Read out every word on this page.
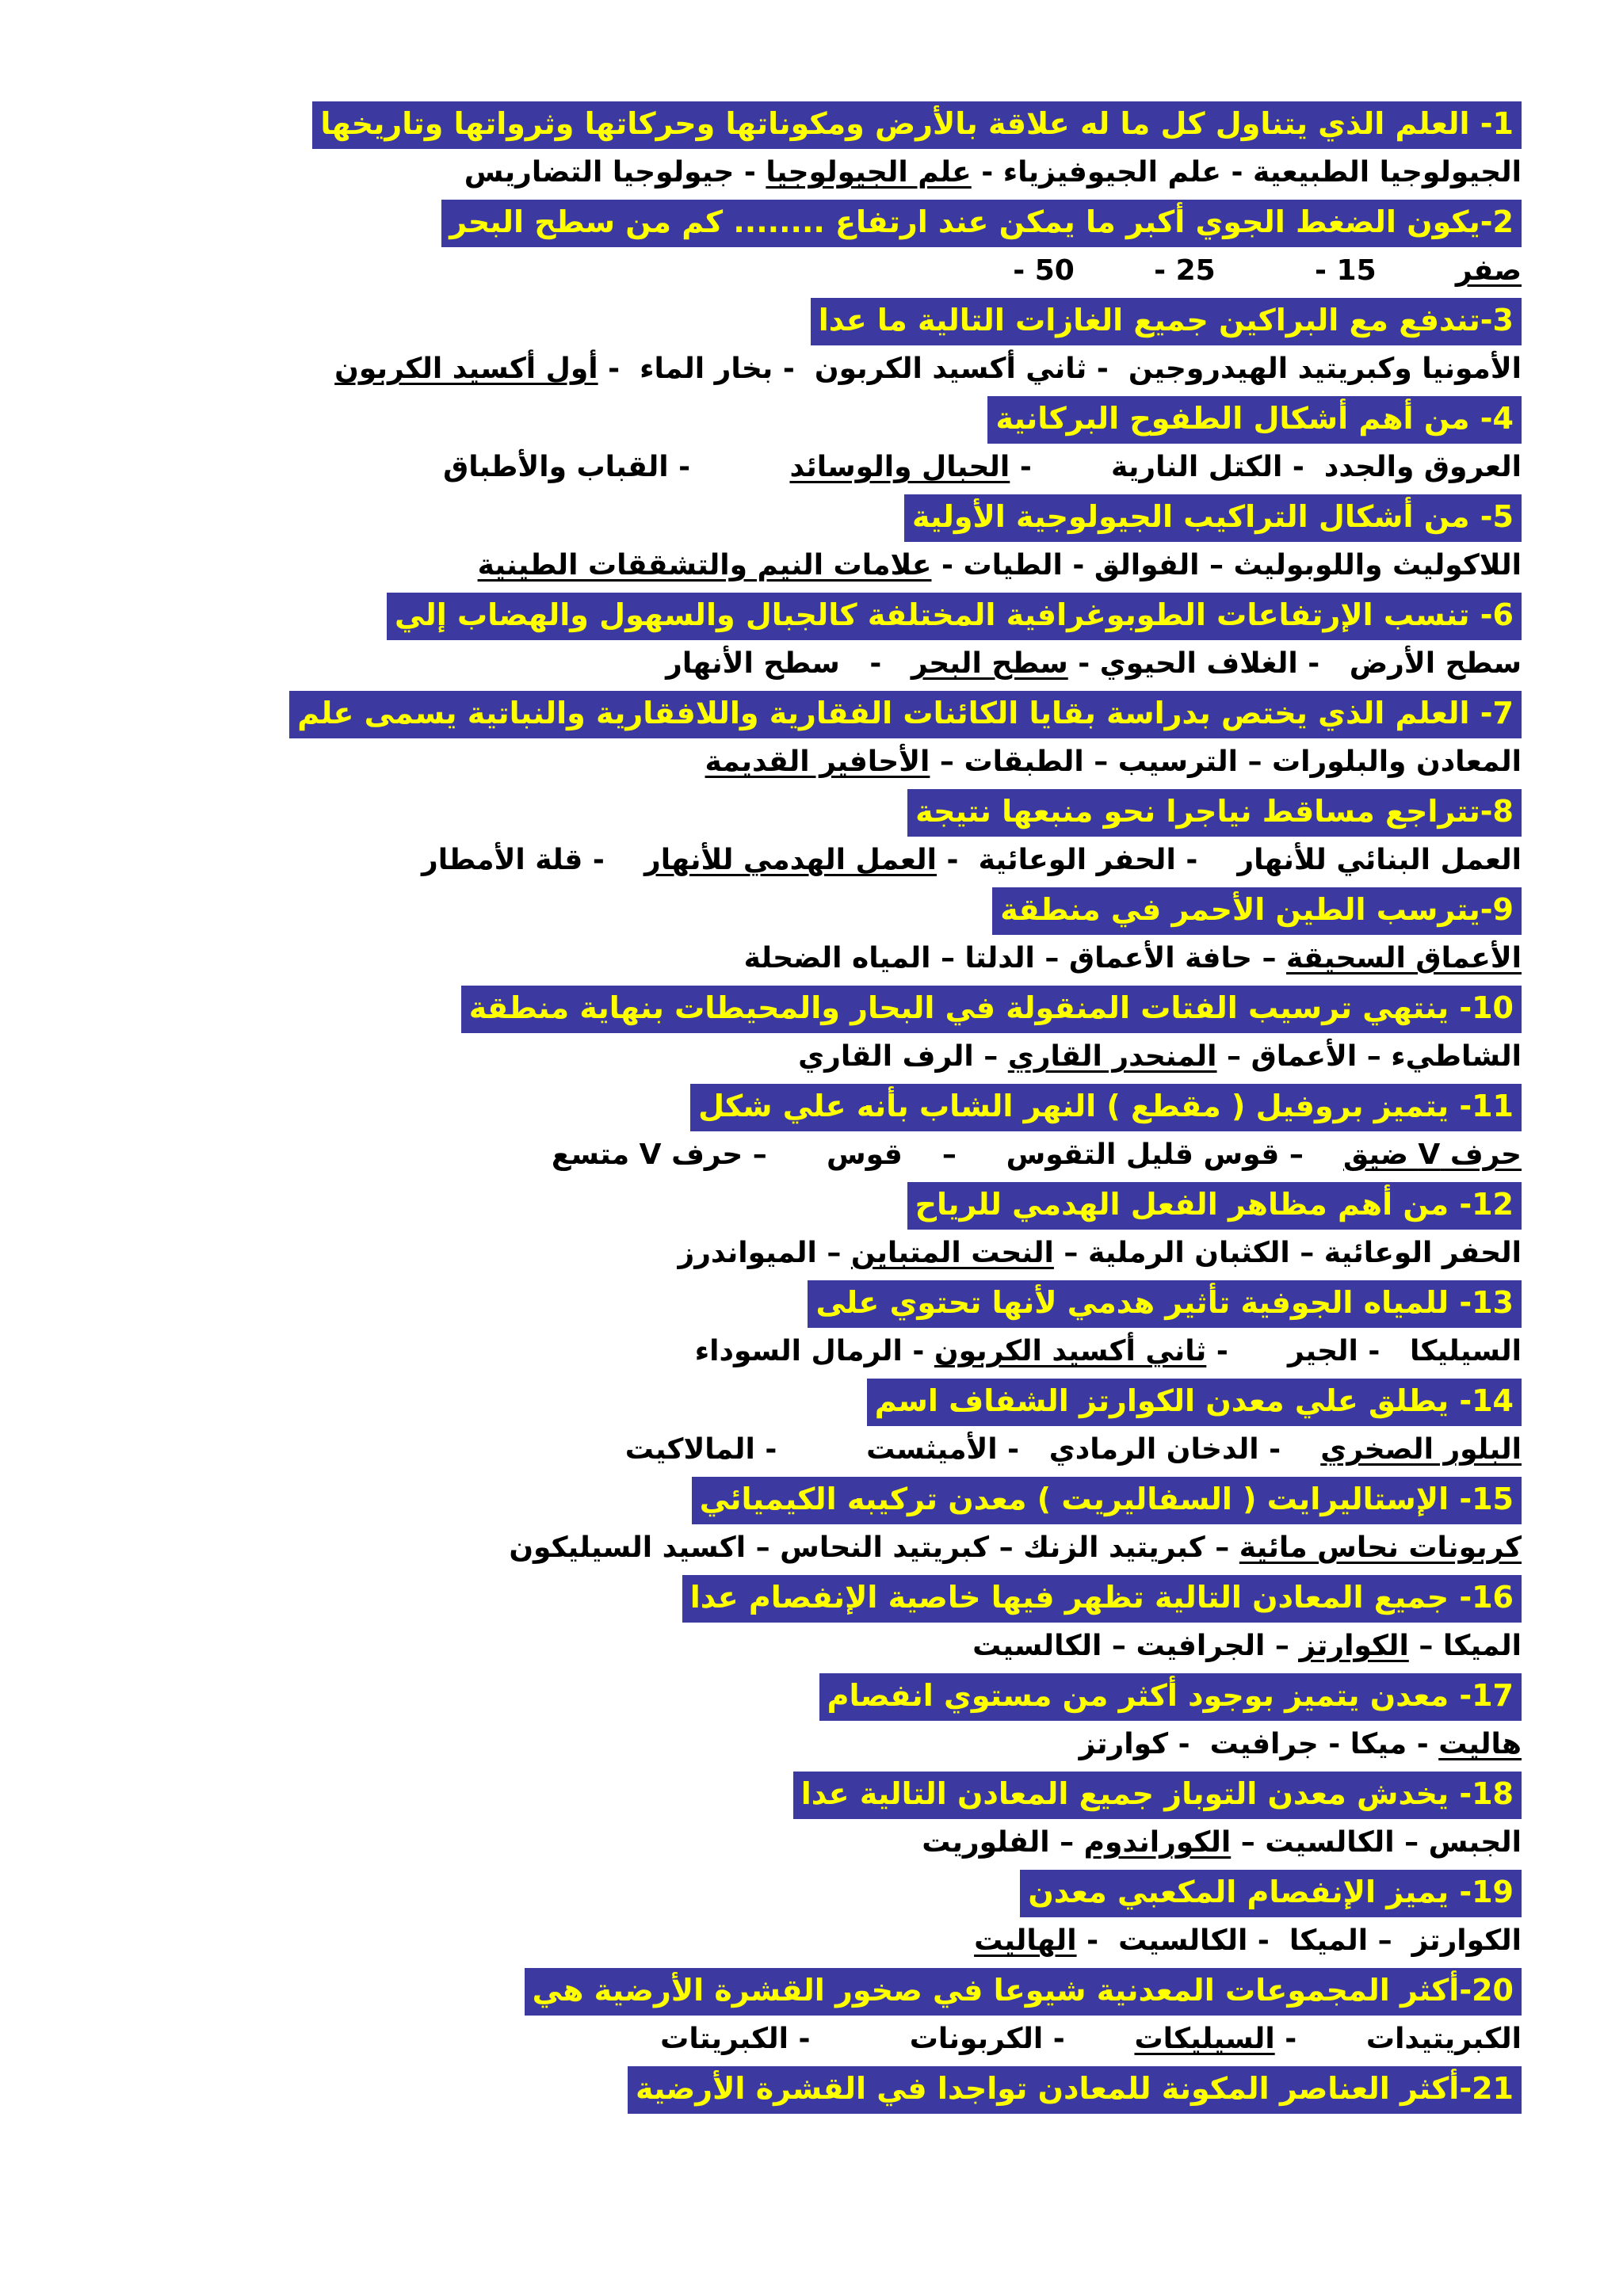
1- العلم الذي يتناول كل ما له علاقة بالأرض ومكوناتها وحركاتها وثرواتها وتاريخها
الجيولوجيا الطبيعية - علم الجيوفيزياء - علم الجيولوجيا - جيولوجيا التضاريس
2-يكون الضغط الجوي أكبر ما يمكن عند ارتفاع ........ كم من سطح البحر
صفر        15 -          25 -        50 -
3-تندفع مع البراكين جميع الغازات التالية ما عدا
الأمونيا وكبريتيد الهيدروجين  - ثاني أكسيد الكربون  - بخار الماء  - أول أكسيد الكربون
4- من أهم أشكال الطفوح البركانية
العروق والجدد  - الكتل النارية        - الحبال والوسائد          - القباب والأطباق
5- من أشكال التراكيب الجيولوجية الأولية
اللاكوليث واللوبوليث – الفوالق - الطيات - علامات النيم والتشققات الطينية
6- تنسب الإرتفاعات الطوبوغرافية المختلفة كالجبال والسهول والهضاب إلي
سطح الأرض   - الغلاف الحيوي - سطح البحر   -   سطح الأنهار
7- العلم الذي يختص بدراسة بقايا الكائنات الفقارية واللافقارية والنباتية يسمى علم
المعادن والبلورات – الترسيب – الطبقات – الأحافير القديمة
8-تتراجع مساقط نياجرا نحو منبعها نتيجة
العمل البنائي للأنهار    - الحفر الوعائية  - العمل الهدمي للأنهار    - قلة الأمطار
9-يترسب الطين الأحمر في منطقة
الأعماق السحيقة – حافة الأعماق – الدلتا – المياه الضحلة
10- ينتهي ترسيب الفتات المنقولة في البحار والمحيطات بنهاية منطقة
الشاطيء – الأعماق – المنحدر القاري – الرف القاري
11- يتميز بروفيل ( مقطع ) النهر الشاب بأنه علي شكل
حرف V ضيق    – قوس قليل التقوس     –    قوس      – حرف V متسع
12- من أهم مظاهر الفعل الهدمي للرياح
الحفر الوعائية – الكثبان الرملية – النحت المتباين – الميواندرز
13- للمياه الجوفية تأثير هدمي لأنها تحتوي على
السيليكا   - الجير      - ثاني أكسيد الكربون - الرمال السوداء
14- يطلق علي معدن الكوارتز الشفاف اسم
البلور الصخري    - الدخان الرمادي   - الأميثست         - المالاكيت
15- الإستاليرايت ( السفاليريت ) معدن تركيبه الكيميائي
كربونات نحاس مائية – كبريتيد الزنك – كبريتيد النحاس – اكسيد السيليكون
16- جميع المعادن التالية تظهر فيها خاصية الإنفصام عدا
الميكا – الكوارتز – الجرافيت – الكالسيت
17- معدن يتميز بوجود أكثر من مستوي انفصام
هاليت - ميكا - جرافيت  - كوارتز
18- يخدش معدن التوباز جميع المعادن التالية عدا
الجبس – الكالسيت – الكوراندوم – الفلوريت
19- يميز الإنفصام المكعبي معدن
الكوارتز  – الميكا  - الكالسيت  - الهاليت
20-أكثر المجموعات المعدنية شيوعا في صخور القشرة الأرضية هي
الكبريتيدات       - السيليكات       - الكربونات          - الكبريتات
21-أكثر العناصر المكونة للمعادن تواجدا في القشرة الأرضية
